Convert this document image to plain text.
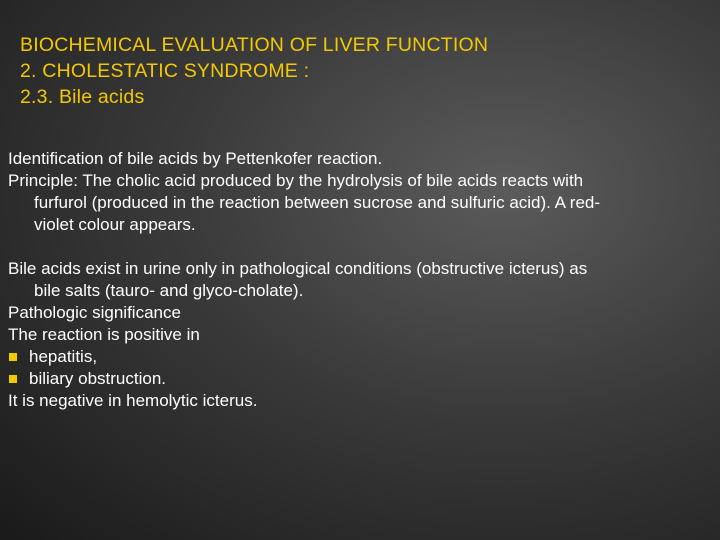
BIOCHEMICAL EVALUATION OF LIVER FUNCTION
2. CHOLESTATIC SYNDROME :
2.3. Bile acids
Identification of bile acids by Pettenkofer reaction.
Principle: The cholic acid produced by the hydrolysis of bile acids reacts with
furfurol (produced in the reaction between sucrose and sulfuric acid). A red-
violet colour appears.
Bile acids exist in urine only in pathological conditions (obstructive icterus) as
bile salts (tauro- and glyco-cholate).
Pathologic significance
The reaction is positive in
hepatitis,
biliary obstruction.
It is negative in hemolytic icterus.
